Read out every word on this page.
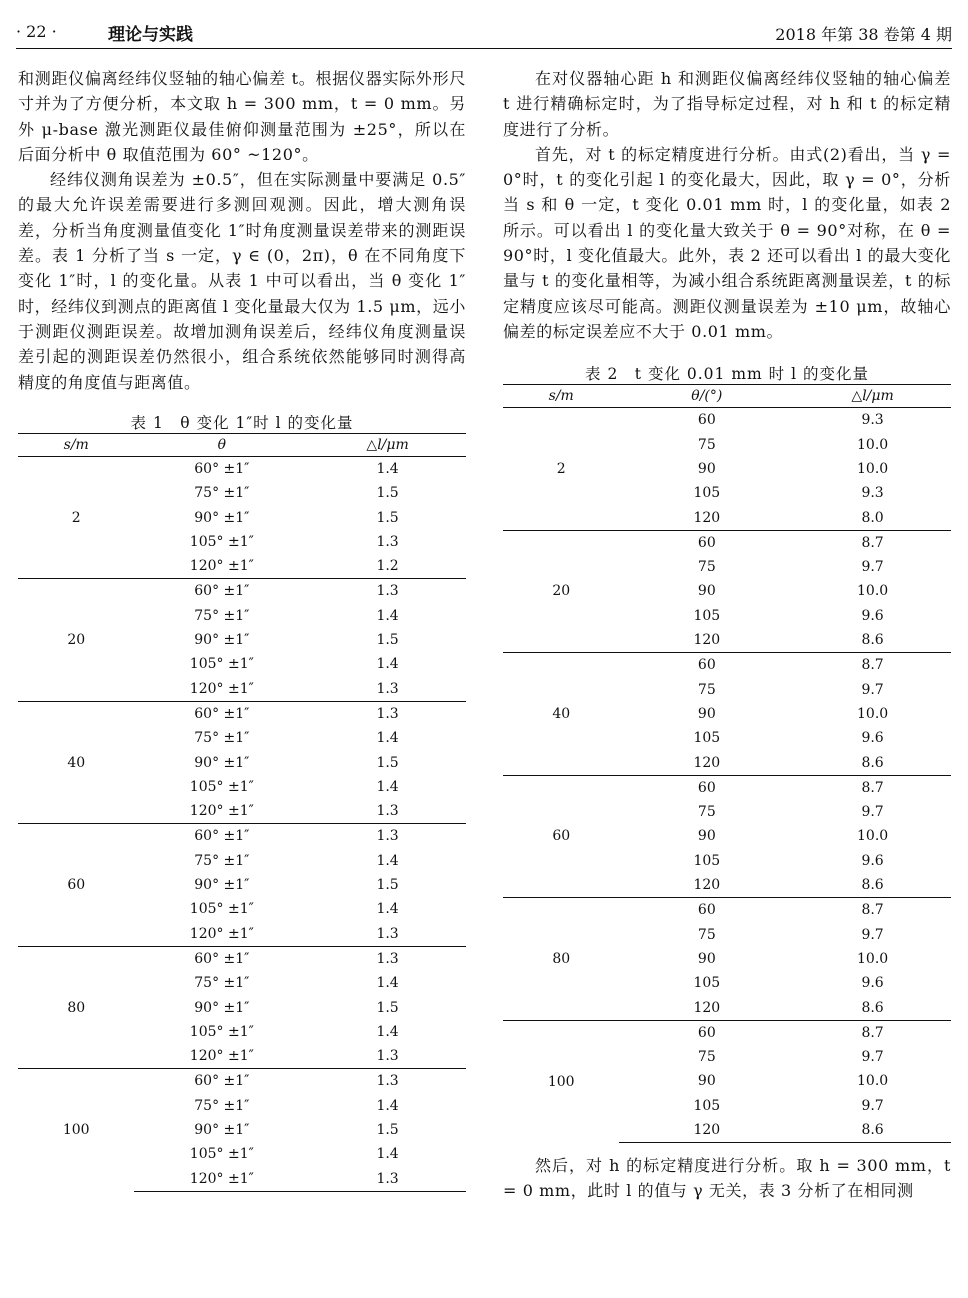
· 22 ·	理论与实践	2018 年第 38 卷第 4 期

和测距仪偏离经纬仪竖轴的轴心偏差 t。根据仪器实际外形尺寸并为了方便分析，本文取 h = 300 mm，t = 0 mm。另外 μ-base 激光测距仪最佳俯仰测量范围为 ±25°，所以在后面分析中 θ 取值范围为 60° ~120°。

经纬仪测角误差为 ±0.5″，但在实际测量中要满足 0.5″的最大允许误差需要进行多测回观测。因此，增大测角误差，分析当角度测量值变化 1″时角度测量误差带来的测距误差。表 1 分析了当 s 一定，γ ∈ (0，2π)，θ 在不同角度下变化 1″时，l 的变化量。从表 1 中可以看出，当 θ 变化 1″时，经纬仪到测点的距离值 l 变化量最大仅为 1.5 μm，远小于测距仪测距误差。故增加测角误差后，经纬仪角度测量误差引起的测距误差仍然很小，组合系统依然能够同时测得高精度的角度值与距离值。

表 1　θ 变化 1″时 l 的变化量
s/m	θ	△l/μm
2	60° ±1″	1.4
	75° ±1″	1.5
	90° ±1″	1.5
	105° ±1″	1.3
	120° ±1″	1.2
20	60° ±1″	1.3
	75° ±1″	1.4
	90° ±1″	1.5
	105° ±1″	1.4
	120° ±1″	1.3
40	60° ±1″	1.3
	75° ±1″	1.4
	90° ±1″	1.5
	105° ±1″	1.4
	120° ±1″	1.3
60	60° ±1″	1.3
	75° ±1″	1.4
	90° ±1″	1.5
	105° ±1″	1.4
	120° ±1″	1.3
80	60° ±1″	1.3
	75° ±1″	1.4
	90° ±1″	1.5
	105° ±1″	1.4
	120° ±1″	1.3
100	60° ±1″	1.3
	75° ±1″	1.4
	90° ±1″	1.5
	105° ±1″	1.4
	120° ±1″	1.3

在对仪器轴心距 h 和测距仪偏离经纬仪竖轴的轴心偏差 t 进行精确标定时，为了指导标定过程，对 h 和 t 的标定精度进行了分析。

首先，对 t 的标定精度进行分析。由式(2)看出，当 γ = 0°时，t 的变化引起 l 的变化最大，因此，取 γ = 0°，分析当 s 和 θ 一定，t 变化 0.01 mm 时，l 的变化量，如表 2 所示。可以看出 l 的变化量大致关于 θ = 90°对称，在 θ = 90°时，l 变化值最大。此外，表 2 还可以看出 l 的最大变化量与 t 的变化量相等，为减小组合系统距离测量误差，t 的标定精度应该尽可能高。测距仪测量误差为 ±10 μm，故轴心偏差的标定误差应不大于 0.01 mm。

表 2　t 变化 0.01 mm 时 l 的变化量
s/m	θ/(°)	△l/μm
2	60	9.3
	75	10.0
	90	10.0
	105	9.3
	120	8.0
20	60	8.7
	75	9.7
	90	10.0
	105	9.6
	120	8.6
40	60	8.7
	75	9.7
	90	10.0
	105	9.6
	120	8.6
60	60	8.7
	75	9.7
	90	10.0
	105	9.6
	120	8.6
80	60	8.7
	75	9.7
	90	10.0
	105	9.6
	120	8.6
100	60	8.7
	75	9.7
	90	10.0
	105	9.7
	120	8.6

然后，对 h 的标定精度进行分析。取 h = 300 mm，t = 0 mm，此时 l 的值与 γ 无关，表 3 分析了在相同测
